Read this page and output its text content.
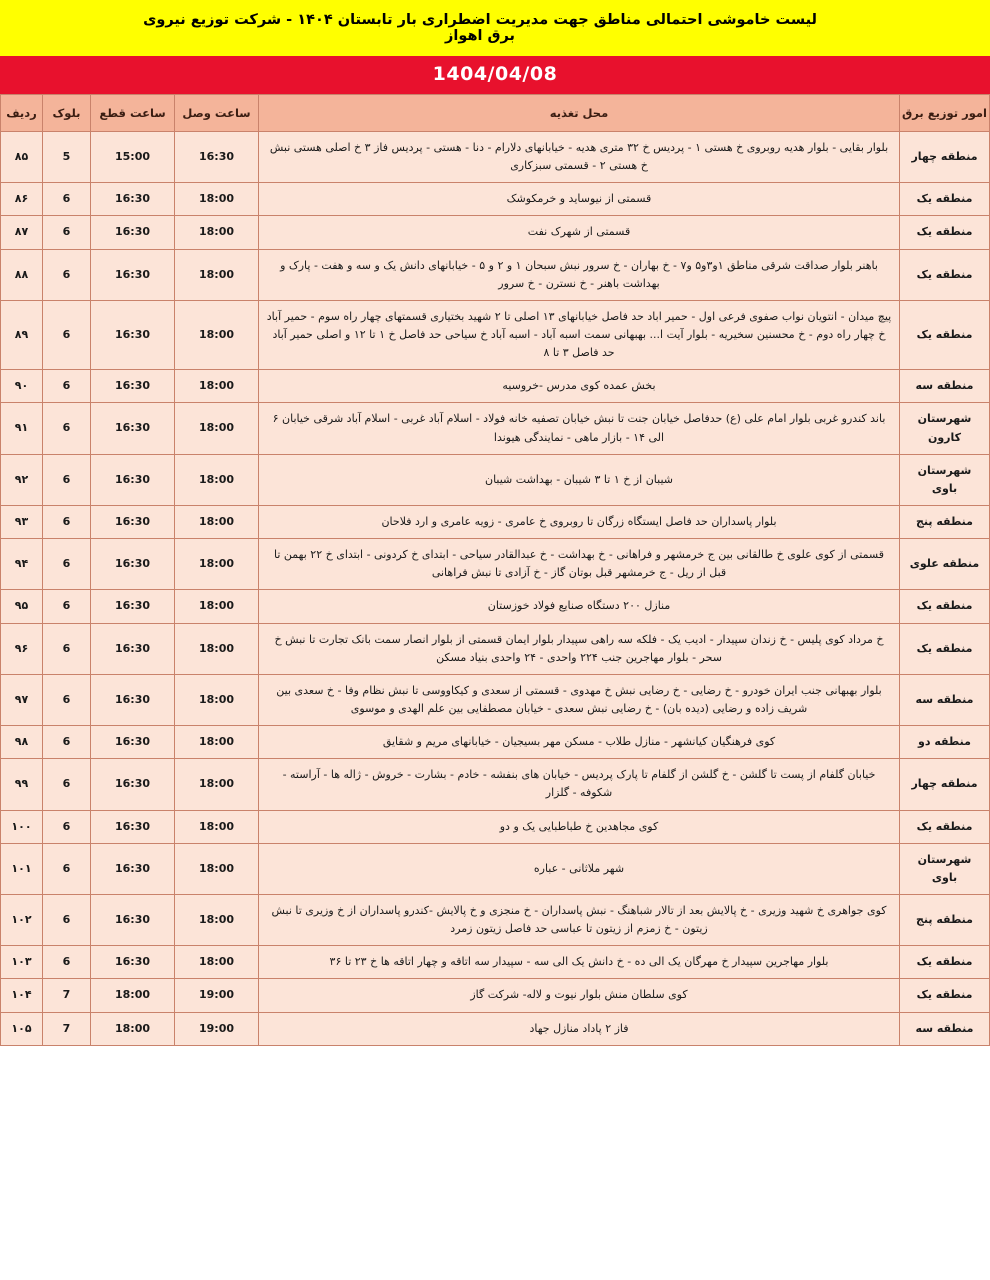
لیست خاموشی احتمالی مناطق جهت مدیریت اضطراری بار تابستان ۱۴۰۴ - شرکت توزیع نیروی برق اهواز
1404/04/08
امور توزیع برق	محل تغذیه	ساعت وصل	ساعت قطع	بلوک	ردیف
منطقه چهار	بلوار بقایی - بلوار هدیه روبروی خ هستی ۱ - پردیس خ ۳۲ متری هدیه - خیابانهای دلارام - دنا - هستی - پردیس فاز ۳ خ اصلی هستی نبش خ هستی ۲ - قسمتی سبزکاری	16:30	15:00	5	۸۵
منطقه یک	قسمتی از نیوساید و خرمکوشک	18:00	16:30	6	۸۶
منطقه یک	قسمتی از شهرک نفت	18:00	16:30	6	۸۷
منطقه یک	باهنر بلوار صداقت شرقی مناطق ۱و۳و۵ و۷ - خ بهاران - خ سرور نبش سبحان ۱ و ۲ و ۵ - خیابانهای دانش یک و سه و هفت - پارک و بهداشت باهنر - خ نسترن - خ سرور	18:00	16:30	6	۸۸
منطقه یک	پیچ میدان - انتویان نواب صفوی فرعی اول - حمیر اباد حد فاصل خیابانهای ۱۳ اصلی تا ۲ شهید بختیاری قسمتهای چهار راه سوم - حمیر آباد خ چهار راه دوم - خ محسنین سخیریه - بلوار آیت ا... بهبهانی سمت اسبه آباد - اسبه آباد خ سیاحی حد فاصل خ ۱ تا ۱۲ و اصلی حمیر آباد حد فاصل ۳ تا ۸	18:00	16:30	6	۸۹
منطقه سه	بخش عمده کوی مدرس -خروسیه	18:00	16:30	6	۹۰
شهرستان کارون	باند کندرو غربی بلوار امام علی (ع) حدفاصل خیابان جنت تا نبش خیابان تصفیه خانه فولاد - اسلام آباد غربی - اسلام آباد شرقی خیابان ۶ الی ۱۴ - بازار ماهی - نمایندگی هیوندا	18:00	16:30	6	۹۱
شهرستان باوی	شیبان از خ ۱ تا ۳ شیبان - بهداشت شیبان	18:00	16:30	6	۹۲
منطقه پنج	بلوار پاسداران حد فاصل ایستگاه زرگان تا روبروی خ عامری - زویه عامری و ارد فلاحان	18:00	16:30	6	۹۳
منطقه علوی	قسمتی از کوی علوی خ طالقانی بین ج خرمشهر و فراهانی - خ بهداشت - خ عبدالقادر سیاحی - ابتدای خ کردونی - ابتدای خ ۲۲ بهمن تا قبل از ریل - ج خرمشهر قبل بوتان گاز - خ آزادی تا نبش فراهانی	18:00	16:30	6	۹۴
منطقه یک	منازل ۲۰۰ دستگاه صنایع فولاد خوزستان	18:00	16:30	6	۹۵
منطقه یک	خ مرداد کوی پلیس - خ زندان سپیدار - ادیب یک - فلکه سه راهی سپیدار بلوار ایمان قسمتی از بلوار انصار سمت بانک تجارت تا نبش خ سحر - بلوار مهاجرین جنب ۲۲۴ واحدی - ۲۴ واحدی بنیاد مسکن	18:00	16:30	6	۹۶
منطقه سه	بلوار بهبهانی جنب ایران خودرو - خ رضایی - خ رضایی نبش خ مهدوی - قسمتی از سعدی و کیکاووسی تا نبش نظام وفا - خ سعدی بین شریف زاده و رضایی (دیده بان) - خ رضایی نبش سعدی - خیابان مصطفایی بین علم الهدی و موسوی	18:00	16:30	6	۹۷
منطقه دو	کوی فرهنگیان کیانشهر - منازل طلاب - مسکن مهر بسیجیان - خیابانهای مریم و شقایق	18:00	16:30	6	۹۸
منطقه چهار	خیابان گلفام از پست تا گلشن - خ گلشن از گلفام تا پارک پردیس - خیابان های بنفشه - خادم - بشارت - خروش - ژاله ها - آراسته - شکوفه - گلزار	18:00	16:30	6	۹۹
منطقه یک	کوی مجاهدین خ طباطبایی یک و دو	18:00	16:30	6	۱۰۰
شهرستان باوی	شهر ملاثانی - عباره	18:00	16:30	6	۱۰۱
منطقه پنج	کوی جواهری خ شهید وزیری - خ پالایش بعد از تالار شباهنگ - نبش پاسداران - خ منجزی و خ پالایش -کندرو پاسداران از خ وزیری تا نبش زیتون - خ زمزم از زیتون تا عباسی حد فاصل زیتون زمرد	18:00	16:30	6	۱۰۲
منطقه یک	بلوار مهاجرین سپیدار خ مهرگان یک الی ده - خ دانش یک الی سه - سپیدار سه اتاقه و چهار اتاقه ها خ ۲۳ تا ۳۶	18:00	16:30	6	۱۰۳
منطقه یک	کوی سلطان منش بلوار نیوت و لاله- شرکت گاز	19:00	18:00	7	۱۰۴
منطقه سه	فاز ۲ پاداد منازل جهاد	19:00	18:00	7	۱۰۵
